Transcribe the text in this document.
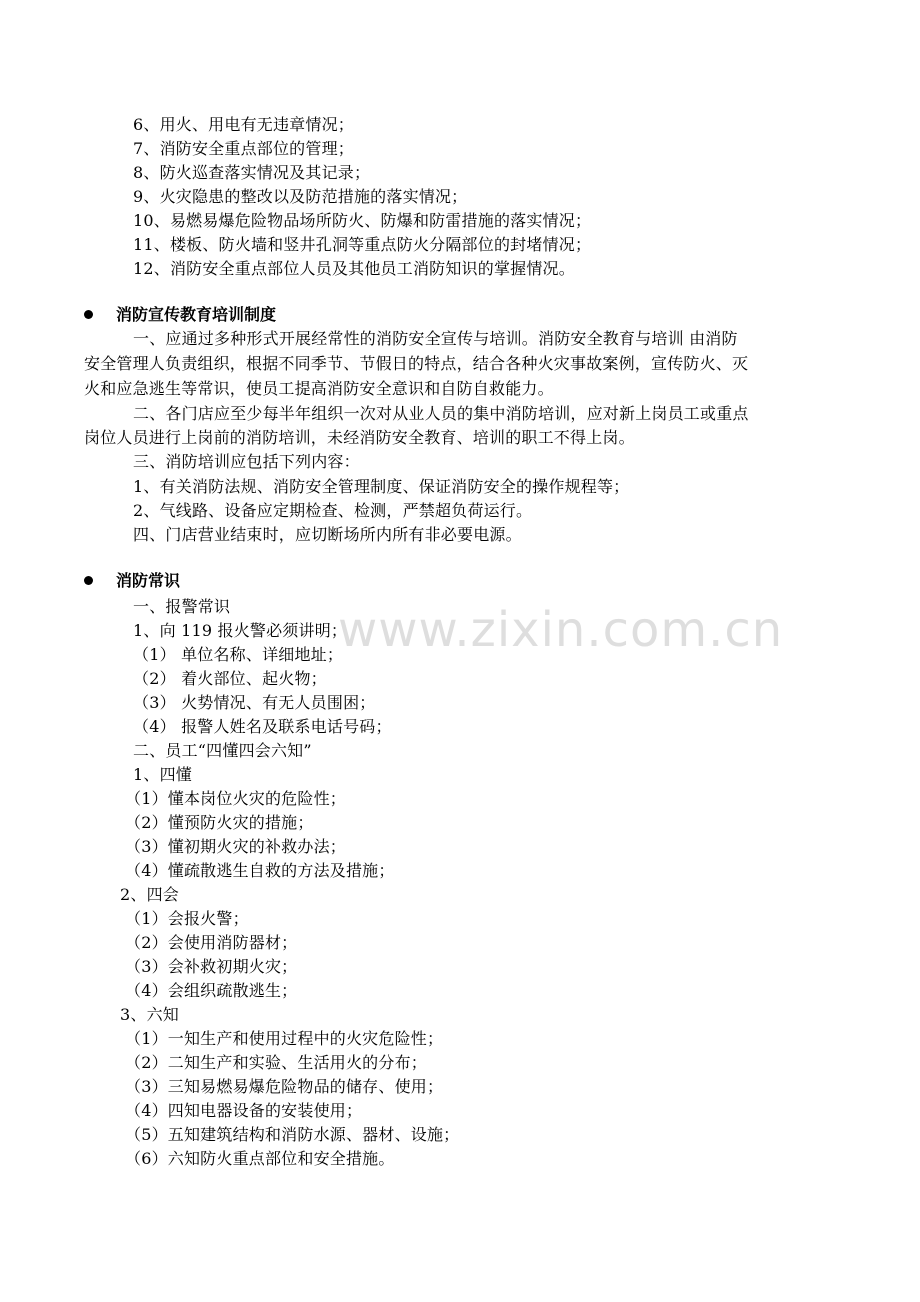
www.zixin.com.cn
6、用火、用电有无违章情况；
7、消防安全重点部位的管理；
8、防火巡查落实情况及其记录；
9、火灾隐患的整改以及防范措施的落实情况；
10、易燃易爆危险物品场所防火、防爆和防雷措施的落实情况；
11、楼板、防火墙和竖井孔洞等重点防火分隔部位的封堵情况；
12、消防安全重点部位人员及其他员工消防知识的掌握情况。
消防宣传教育培训制度
一、应通过多种形式开展经常性的消防安全宣传与培训。消防安全教育与培训 由消防
安全管理人负责组织，根据不同季节、节假日的特点，结合各种火灾事故案例，宣传防火、灭
火和应急逃生等常识，使员工提高消防安全意识和自防自救能力。
二、各门店应至少每半年组织一次对从业人员的集中消防培训，应对新上岗员工或重点
岗位人员进行上岗前的消防培训，未经消防安全教育、培训的职工不得上岗。
三、消防培训应包括下列内容：
1、有关消防法规、消防安全管理制度、保证消防安全的操作规程等；
2、气线路、设备应定期检查、检测，严禁超负荷运行。
四、门店营业结束时，应切断场所内所有非必要电源。
消防常识
一、报警常识
1、向 119 报火警必须讲明；
（1） 单位名称、详细地址；
（2） 着火部位、起火物；
（3） 火势情况、有无人员围困；
（4） 报警人姓名及联系电话号码；
二、员工“四懂四会六知”
1、四懂
（1）懂本岗位火灾的危险性；
（2）懂预防火灾的措施；
（3）懂初期火灾的补救办法；
（4）懂疏散逃生自救的方法及措施；
2、四会
（1）会报火警；
（2）会使用消防器材；
（3）会补救初期火灾；
（4）会组织疏散逃生；
3、六知
（1）一知生产和使用过程中的火灾危险性；
（2）二知生产和实验、生活用火的分布；
（3）三知易燃易爆危险物品的储存、使用；
（4）四知电器设备的安装使用；
（5）五知建筑结构和消防水源、器材、设施；
（6）六知防火重点部位和安全措施。
